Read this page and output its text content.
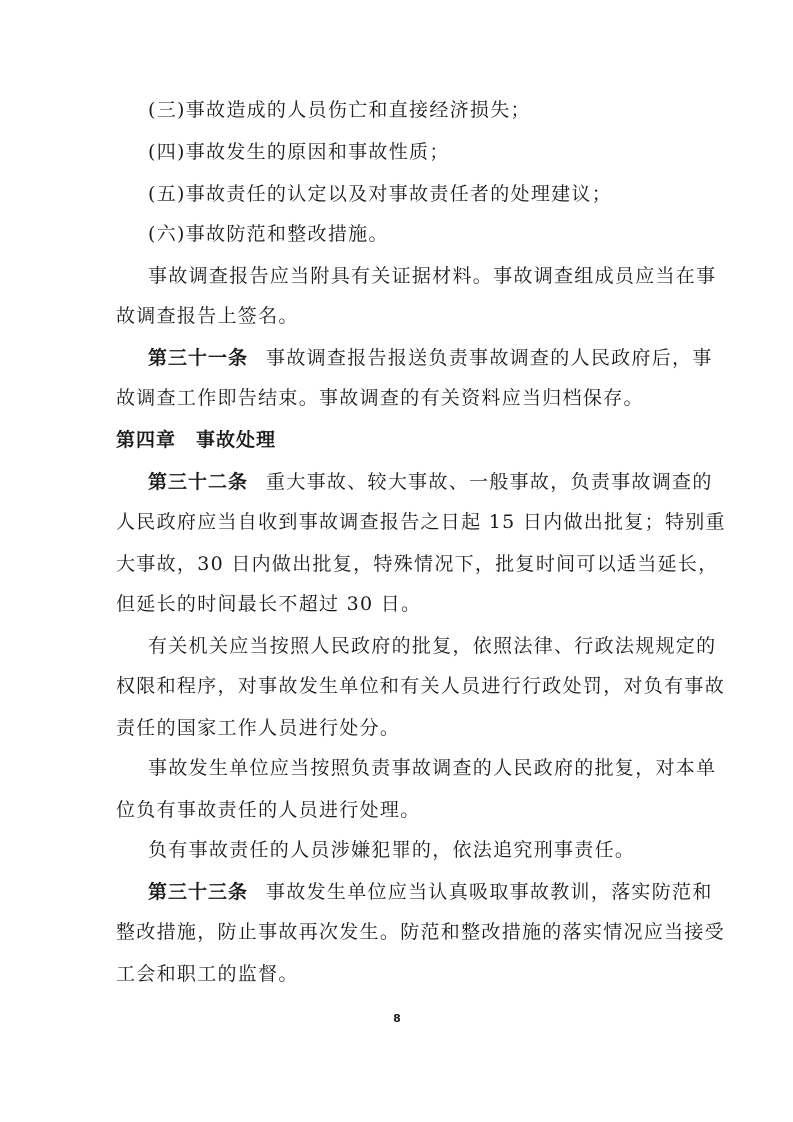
(三)事故造成的人员伤亡和直接经济损失；
(四)事故发生的原因和事故性质；
(五)事故责任的认定以及对事故责任者的处理建议；
(六)事故防范和整改措施。
事故调查报告应当附具有关证据材料。事故调查组成员应当在事
故调查报告上签名。
第三十一条 事故调查报告报送负责事故调查的人民政府后，事
故调查工作即告结束。事故调查的有关资料应当归档保存。
第四章　事故处理
第三十二条 重大事故、较大事故、一般事故，负责事故调查的
人民政府应当自收到事故调查报告之日起 15 日内做出批复；特别重
大事故，30 日内做出批复，特殊情况下，批复时间可以适当延长，
但延长的时间最长不超过 30 日。
有关机关应当按照人民政府的批复，依照法律、行政法规规定的
权限和程序，对事故发生单位和有关人员进行行政处罚，对负有事故
责任的国家工作人员进行处分。
事故发生单位应当按照负责事故调查的人民政府的批复，对本单
位负有事故责任的人员进行处理。
负有事故责任的人员涉嫌犯罪的，依法追究刑事责任。
第三十三条 事故发生单位应当认真吸取事故教训，落实防范和
整改措施，防止事故再次发生。防范和整改措施的落实情况应当接受
工会和职工的监督。
8
